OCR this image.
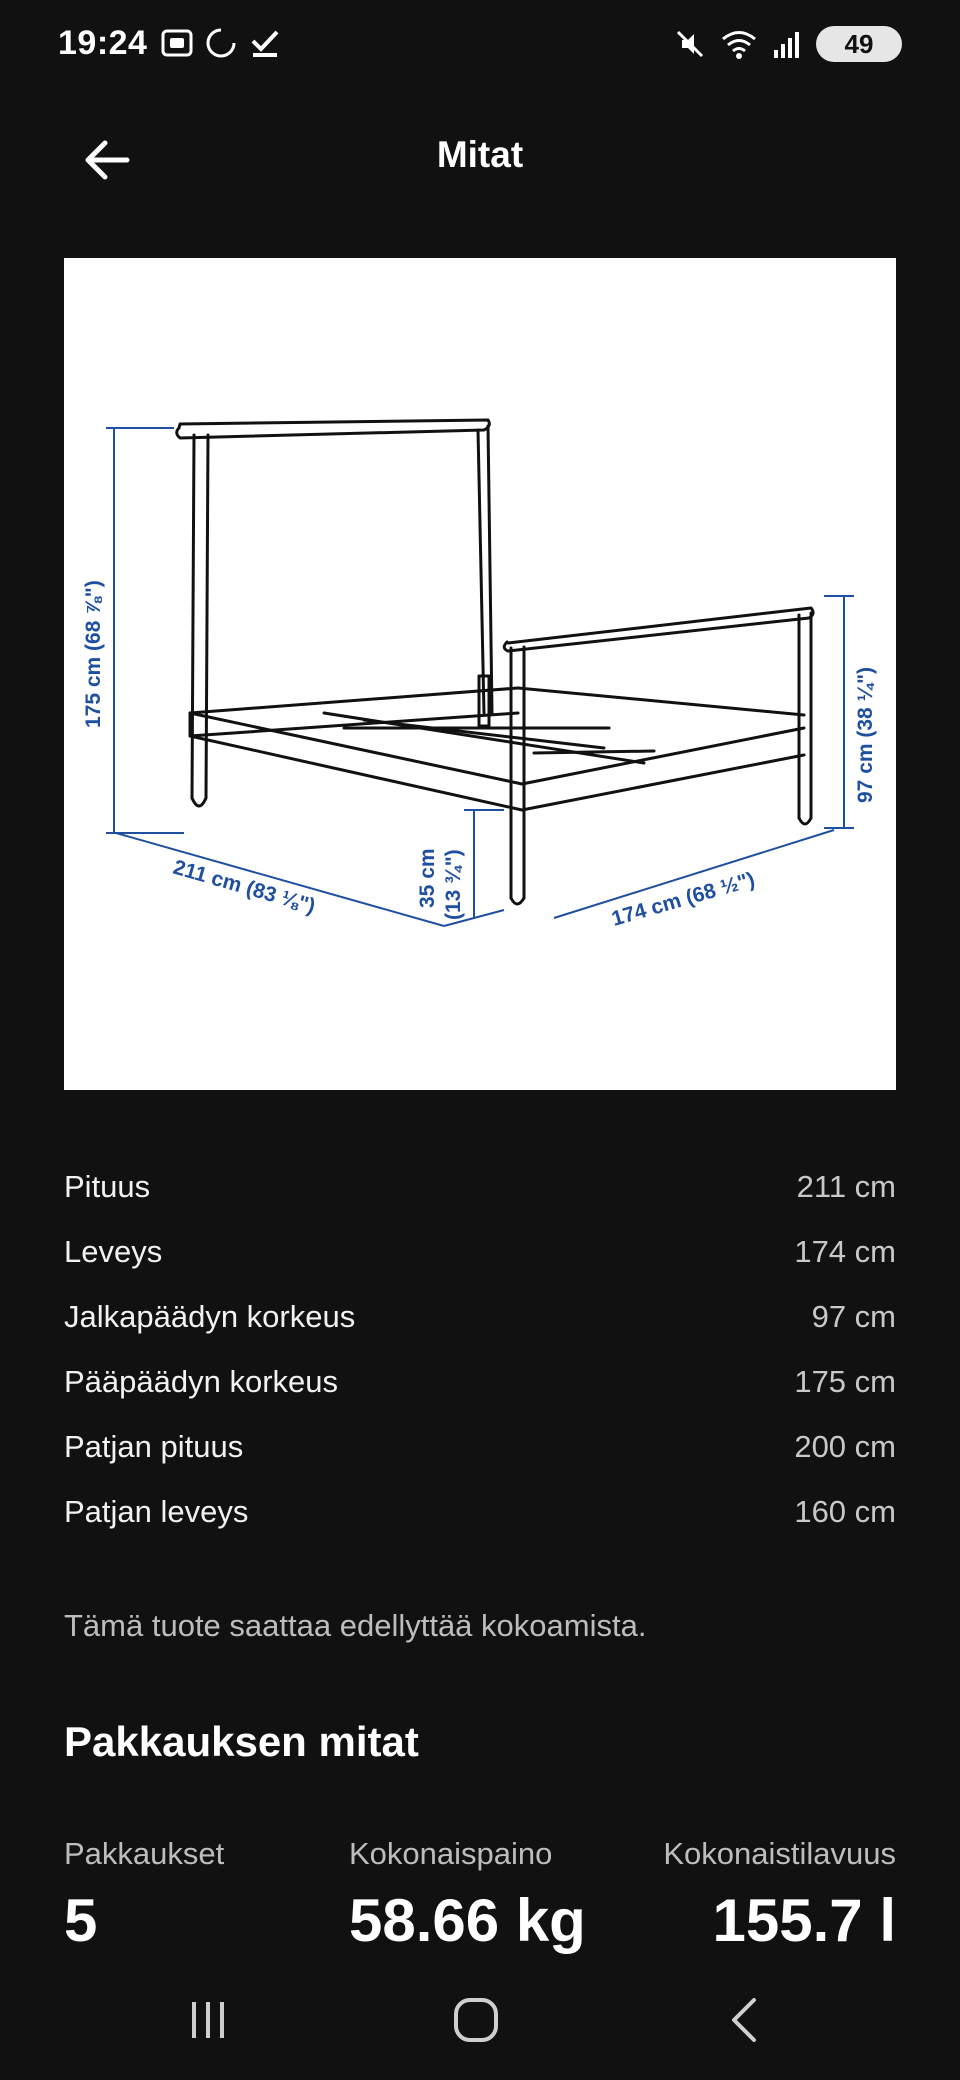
19:24	49
Mitat
175 cm (68 ⅞")
97 cm (38 ¼")
211 cm (83 ⅛")	174 cm (68 ½")
35 cm (13 ¾")
Pituus	211 cm
Leveys	174 cm
Jalkapäädyn korkeus	97 cm
Pääpäädyn korkeus	175 cm
Patjan pituus	200 cm
Patjan leveys	160 cm
Tämä tuote saattaa edellyttää kokoamista.
Pakkauksen mitat
Pakkaukset
5
Kokonaispaino
58.66 kg
Kokonaistilavuus
155.7 l
